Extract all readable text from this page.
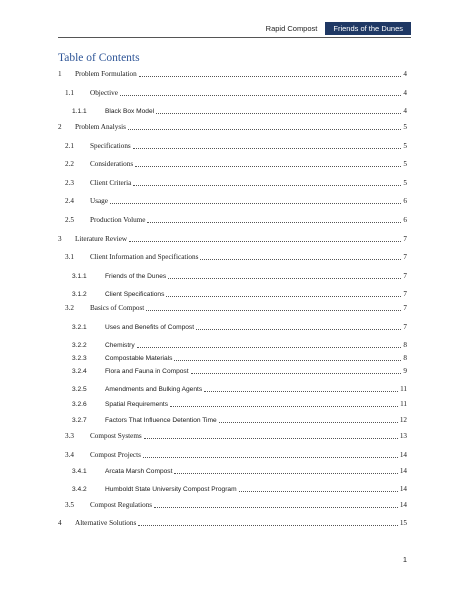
Rapid Compost	Friends of the Dunes
Table of Contents
1	Problem Formulation	4
1.1	Objective	4
1.1.1	Black Box Model	4
2	Problem Analysis	5
2.1	Specifications	5
2.2	Considerations	5
2.3	Client Criteria	5
2.4	Usage	6
2.5	Production Volume	6
3	Literature Review	7
3.1	Client Information and Specifications	7
3.1.1	Friends of the Dunes	7
3.1.2	Client Specifications	7
3.2	Basics of Compost	7
3.2.1	Uses and Benefits of Compost	7
3.2.2	Chemistry	8
3.2.3	Compostable Materials	8
3.2.4	Flora and Fauna in Compost	9
3.2.5	Amendments and Bulking Agents	11
3.2.6	Spatial Requirements	11
3.2.7	Factors That Influence Detention Time	12
3.3	Compost Systems	13
3.4	Compost Projects	14
3.4.1	Arcata Marsh Compost	14
3.4.2	Humboldt State University Compost Program	14
3.5	Compost Regulations	14
4	Alternative Solutions	15
1
